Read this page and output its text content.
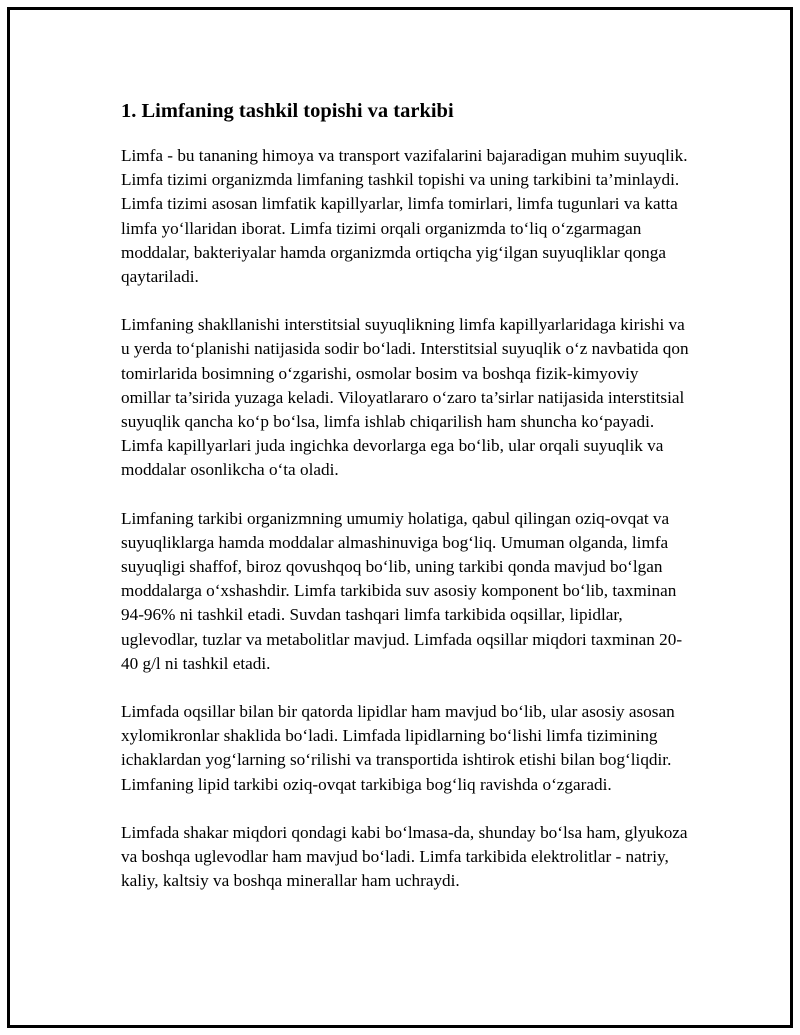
1. Limfaning tashkil topishi va tarkibi

Limfa - bu tananing himoya va transport vazifalarini bajaradigan muhim suyuqlik. Limfa tizimi organizmda limfaning tashkil topishi va uning tarkibini ta’minlaydi. Limfa tizimi asosan limfatik kapillyarlar, limfa tomirlari, limfa tugunlari va katta limfa yo‘llaridan iborat. Limfa tizimi orqali organizmda to‘liq o‘zgarmagan moddalar, bakteriyalar hamda organizmda ortiqcha yig‘ilgan suyuqliklar qonga qaytariladi.

Limfaning shakllanishi interstitsial suyuqlikning limfa kapillyarlaridaga kirishi va u yerda to‘planishi natijasida sodir bo‘ladi. Interstitsial suyuqlik o‘z navbatida qon tomirlarida bosimning o‘zgarishi, osmolar bosim va boshqa fizik-kimyoviy omillar ta’sirida yuzaga keladi. Viloyatlararo o‘zaro ta’sirlar natijasida interstitsial suyuqlik qancha ko‘p bo‘lsa, limfa ishlab chiqarilish ham shuncha ko‘payadi. Limfa kapillyarlari juda ingichka devorlarga ega bo‘lib, ular orqali suyuqlik va moddalar osonlikcha o‘ta oladi.

Limfaning tarkibi organizmning umumiy holatiga, qabul qilingan oziq-ovqat va suyuqliklarga hamda moddalar almashinuviga bog‘liq. Umuman olganda, limfa suyuqligi shaffof, biroz qovushqoq bo‘lib, uning tarkibi qonda mavjud bo‘lgan moddalarga o‘xshashdir. Limfa tarkibida suv asosiy komponent bo‘lib, taxminan 94-96% ni tashkil etadi. Suvdan tashqari limfa tarkibida oqsillar, lipidlar, uglevodlar, tuzlar va metabolitlar mavjud. Limfada oqsillar miqdori taxminan 20-40 g/l ni tashkil etadi.

Limfada oqsillar bilan bir qatorda lipidlar ham mavjud bo‘lib, ular asosiy asosan xylomikronlar shaklida bo‘ladi. Limfada lipidlarning bo‘lishi limfa tizimining ichaklardan yog‘larning so‘rilishi va transportida ishtirok etishi bilan bog‘liqdir. Limfaning lipid tarkibi oziq-ovqat tarkibiga bog‘liq ravishda o‘zgaradi.

Limfada shakar miqdori qondagi kabi bo‘lmasa-da, shunday bo‘lsa ham, glyukoza va boshqa uglevodlar ham mavjud bo‘ladi. Limfa tarkibida elektrolitlar - natriy, kaliy, kaltsiy va boshqa minerallar ham uchraydi.
